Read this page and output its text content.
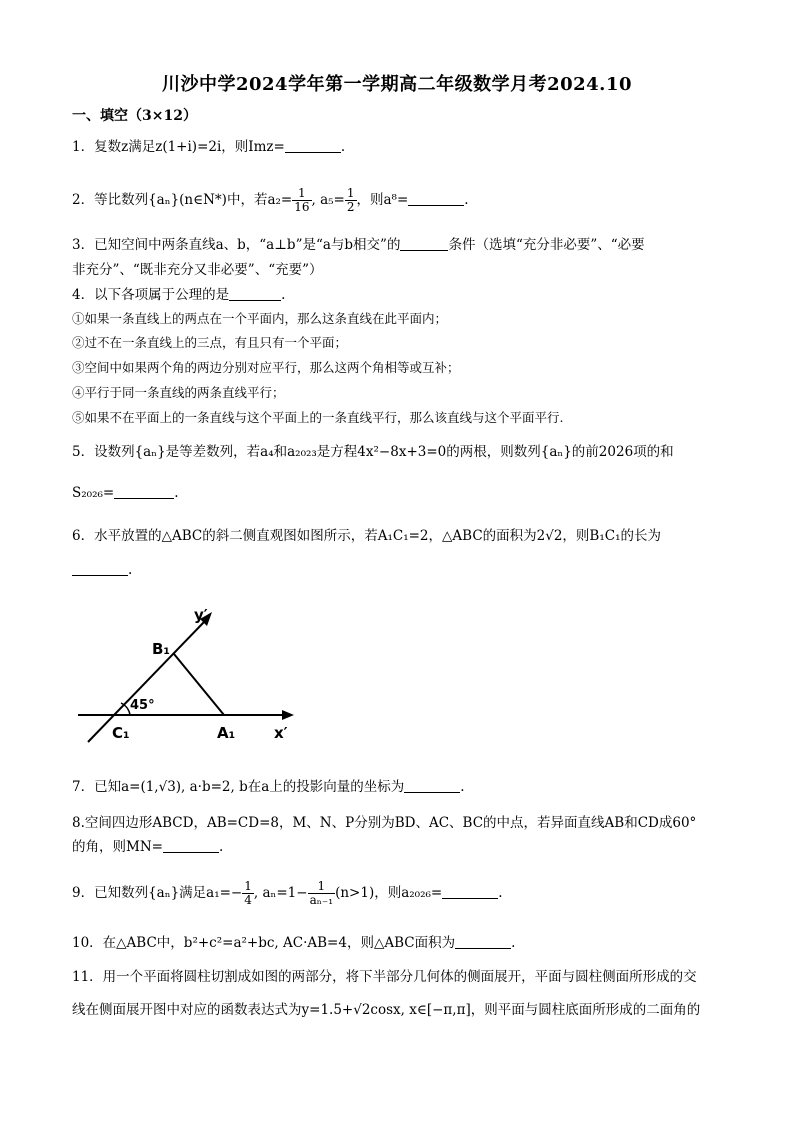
川沙中学2024学年第一学期高二年级数学月考2024.10
一、填空（3×12）
1．复数z满足z(1+i)=2i，则Imz=	.
2．等比数列{aₙ}(n∈N*)中，若$a_2= \frac{1}{16}$ , $a_5= \frac{1}{2}$ ，则a⁸=	.
3．已知空间中两条直线a、b，“a⊥b”是“a与b相交”的	条件（选填“充分非必要”、“必要
非充分”、“既非充分又非必要”、“充要”）
4．以下各项属于公理的是	.
①如果一条直线上的两点在一个平面内，那么这条直线在此平面内；
②过不在一条直线上的三点，有且只有一个平面；
③空间中如果两个角的两边分别对应平行，那么这两个角相等或互补；
④平行于同一条直线的两条直线平行；
⑤如果不在平面上的一条直线与这个平面上的一条直线平行，那么该直线与这个平面平行.
5．设数列{aₙ}是等差数列，若a₄和a₂₀₂₃是方程4x²−8x+3=0的两根，则数列{aₙ}的前2026项的和
S₂₀₂₆=	.
6．水平放置的△ABC的斜二侧直观图如图所示，若A₁C₁=2，△ABC的面积为2√2，则B₁C₁的长为
.
y′
B₁
45°
C₁	A₁	x′
7．已知a=(1,√3), a·b=2, b在a上的投影向量的坐标为	.
8.空间四边形ABCD，AB=CD=8，M、N、P分别为BD、AC、BC的中点，若异面直线AB和CD成60°
的角，则MN=	.
9．已知数列{aₙ}满足$a_1=- \frac{1}{4}$ , $a_n=1- \frac{1}{\text{aₙ₋₁}} (n>1)$，则a₂₀₂₆=	.
10．在△ABC中，b²+c²=a²+bc, AC·AB=4，则△ABC面积为	.
11．用一个平面将圆柱切割成如图的两部分，将下半部分几何体的侧面展开，平面与圆柱侧面所形成的交
线在侧面展开图中对应的函数表达式为y=1.5+√2cosx, x∈[−π,π]，则平面与圆柱底面所形成的二面角的
